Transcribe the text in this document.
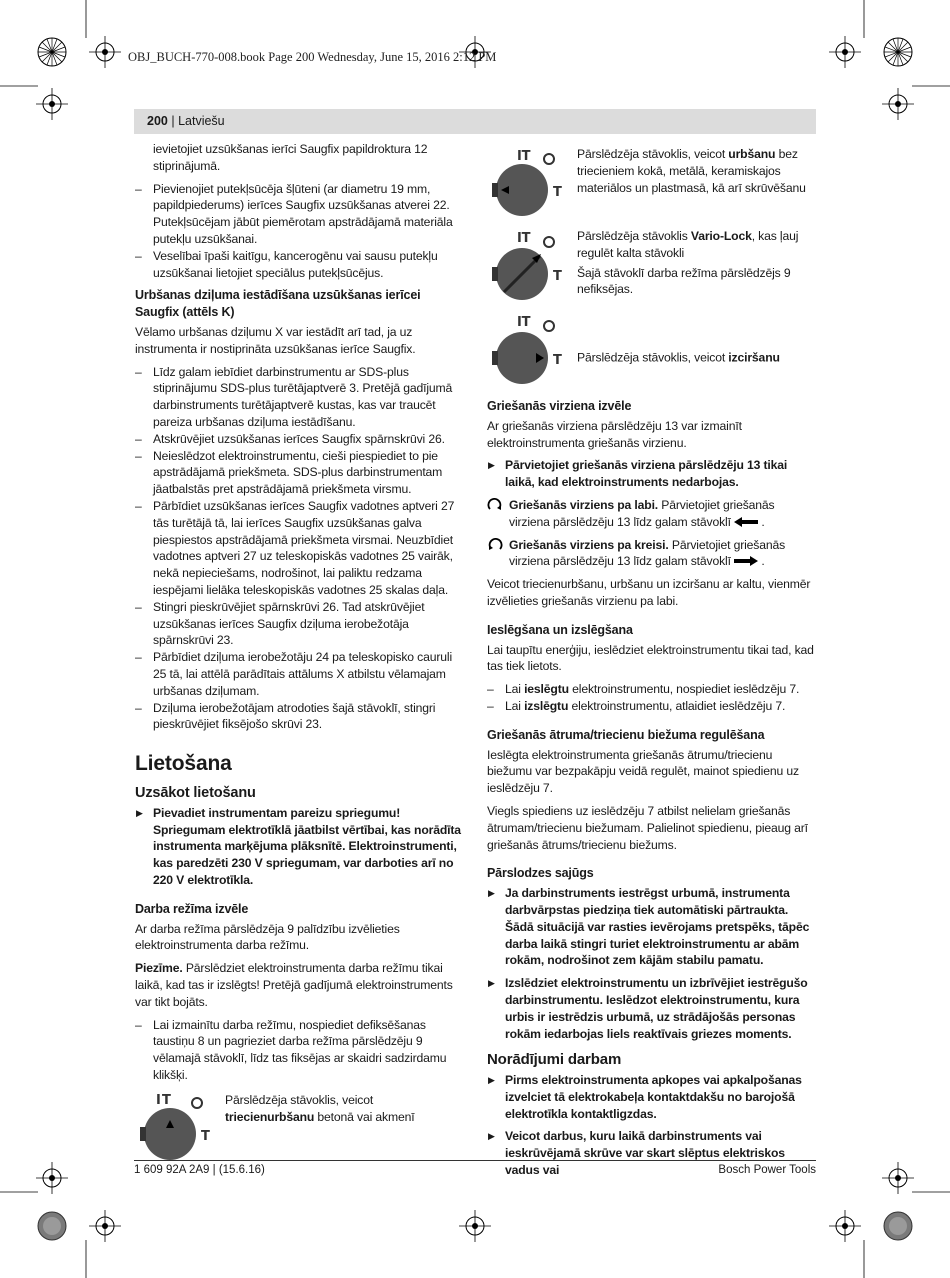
OBJ_BUCH-770-008.book Page 200 Wednesday, June 15, 2016 2:12 PM
200 | Latviešu
ievietojiet uzsūkšanas ierīci Saugfix papildroktura 12 stiprinājumā.
– Pievienojiet putekļsūcēja šļūteni (ar diametru 19 mm, papildpiederums) ierīces Saugfix uzsūkšanas atverei 22. Putekļsūcējam jābūt piemērotam apstrādājamā materiāla putekļu uzsūkšanai.
– Veselībai īpaši kaitīgu, kancerogēnu vai sausu putekļu uzsūkšanai lietojiet speciālus putekļsūcējus.
Urbšanas dziļuma iestādīšana uzsūkšanas ierīcei Saugfix (attēls K)

Vēlamo urbšanas dziļumu X var iestādīt arī tad, ja uz instrumenta ir nostiprināta uzsūkšanas ierīce Saugfix.

– Līdz galam iebīdiet darbinstrumentu ar SDS-plus stiprinājumu SDS-plus turētājaptverē 3. Pretējā gadījumā darbinstruments turētājaptverē kustas, kas var traucēt pareiza urbšanas dziļuma iestādīšanu.
– Atskrūvējiet uzsūkšanas ierīces Saugfix spārnskrūvi 26.
– Neieslēdzot elektroinstrumentu, cieši piespiediet to pie apstrādājamā priekšmeta. SDS-plus darbinstrumentam jāatbalstās pret apstrādājamā priekšmeta virsmu.
– Pārbīdiet uzsūkšanas ierīces Saugfix vadotnes aptveri 27 tās turētājā tā, lai ierīces Saugfix uzsūkšanas galva piespiestos apstrādājamā priekšmeta virsmai. Neuzbīdiet vadotnes aptveri 27 uz teleskopiskās vadotnes 25 vairāk, nekā nepieciešams, nodrošinot, lai paliktu redzama iespējami lielāka teleskopiskās vadotnes 25 skalas daļa.
– Stingri pieskrūvējiet spārnskrūvi 26. Tad atskrūvējiet uzsūkšanas ierīces Saugfix dziļuma ierobežotāja spārnskrūvi 23.
– Pārbīdiet dziļuma ierobežotāju 24 pa teleskopisko cauruli 25 tā, lai attēlā parādītais attālums X atbilstu vēlamajam urbšanas dziļumam.
– Dziļuma ierobežotājam atrodoties šajā stāvoklī, stingri pieskrūvējiet fiksējošo skrūvi 23.
Lietošana
Uzsākot lietošanu
▶ Pievadiet instrumentam pareizu spriegumu! Spriegumam elektrotīklā jāatbilst vērtībai, kas norādīta instrumenta marķējuma plāksnītē. Elektroinstrumenti, kas paredzēti 230 V spriegumam, var darboties arī no 220 V elektrotīkla.
Darba režīma izvēle

Ar darba režīma pārslēdzēja 9 palīdzību izvēlieties elektroinstrumenta darba režīmu.

Piezīme. Pārslēdziet elektroinstrumenta darba režīmu tikai laikā, kad tas ir izslēgts! Pretējā gadījumā elektroinstruments var tikt bojāts.

– Lai izmainītu darba režīmu, nospiediet defiksēšanas taustiņu 8 un pagrieziet darba režīma pārslēdzēju 9 vēlamajā stāvoklī, līdz tas fiksējas ar skaidri sadzirdamu klikšķi.
T
I
T
Pārslēdzēja stāvoklis, veicot triecienurbšanu betonā vai akmenī
IT
T
Pārslēdzēja stāvoklis, veicot urbšanu bez triecieniem kokā, metālā, keramiskajos materiālos un plastmasā, kā arī skrūvēšanu
IT
T
Pārslēdzēja stāvoklis Vario-Lock, kas ļauj regulēt kalta stāvokli
Šajā stāvoklī darba režīma pārslēdzējs 9 nefiksējas.
IT
T Pārslēdzēja stāvoklis, veicot izciršanu
Griešanās virziena izvēle

Ar griešanās virziena pārslēdzēju 13 var izmainīt elektroinstrumenta griešanās virzienu.

▶ Pārvietojiet griešanās virziena pārslēdzēju 13 tikai laikā, kad elektroinstruments nedarbojas.
Griešanās virziens pa labi. Pārvietojiet griešanās virziena pārslēdzēju 13 līdz galam stāvoklī  .
Griešanās virziens pa kreisi. Pārvietojiet griešanās virziena pārslēdzēju 13 līdz galam stāvoklī  .

Veicot triecienurbšanu, urbšanu un izciršanu ar kaltu, vienmēr izvēlieties griešanās virzienu pa labi.

Ieslēgšana un izslēgšana

Lai taupītu enerģiju, ieslēdziet elektroinstrumentu tikai tad, kad tas tiek lietots.

– Lai ieslēgtu elektroinstrumentu, nospiediet ieslēdzēju 7.
– Lai izslēgtu elektroinstrumentu, atlaidiet ieslēdzēju 7.
Griešanās ātruma/triecienu biežuma regulēšana

Ieslēgta elektroinstrumenta griešanās ātrumu/triecienu biežumu var bezpakāpju veidā regulēt, mainot spiedienu uz ieslēdzēju 7.

Viegls spiediens uz ieslēdzēju 7 atbilst nelielam griešanās ātrumam/triecienu biežumam. Palielinot spiedienu, pieaug arī griešanās ātrums/triecienu biežums.

Pārslodzes sajūgs
▶ Ja darbinstruments iestrēgst urbumā, instrumenta darbvārpstas piedziņa tiek automātiski pārtraukta. Šādā situācijā var rasties ievērojams pretspēks, tāpēc darba laikā stingri turiet elektroinstrumentu ar abām rokām, nodrošinot zem kājām stabilu pamatu.
▶ Izslēdziet elektroinstrumentu un izbrīvējiet iestrēgušo darbinstrumentu. Ieslēdzot elektroinstrumentu, kura urbis ir iestrēdzis urbumā, uz strādājošās personas rokām iedarbojas liels reaktīvais griezes moments.
Norādījumi darbam
▶ Pirms elektroinstrumenta apkopes vai apkalpošanas izvelciet tā elektrokabeļa kontaktdakšu no barojošā elektrotīkla kontaktligzdas.
▶ Veicot darbus, kuru laikā darbinstruments vai ieskrūvējamā skrūve var skart slēptus elektriskos vadus vai
1 609 92A 2A9 | (15.6.16)	Bosch Power Tools
